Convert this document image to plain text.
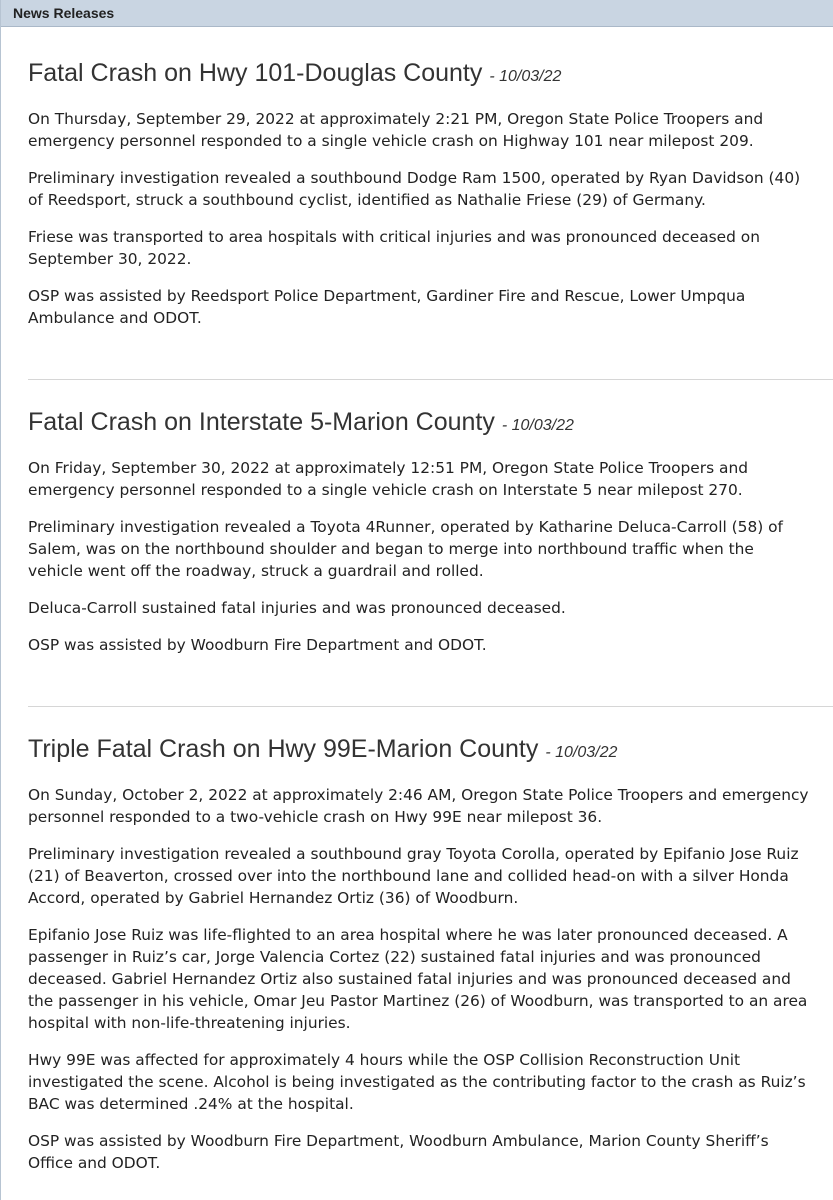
News Releases
Fatal Crash on Hwy 101-Douglas County - 10/03/22

On Thursday, September 29, 2022 at approximately 2:21 PM, Oregon State Police Troopers and emergency personnel responded to a single vehicle crash on Highway 101 near milepost 209.

Preliminary investigation revealed a southbound Dodge Ram 1500, operated by Ryan Davidson (40) of Reedsport, struck a southbound cyclist, identified as Nathalie Friese (29) of Germany.

Friese was transported to area hospitals with critical injuries and was pronounced deceased on September 30, 2022.

OSP was assisted by Reedsport Police Department, Gardiner Fire and Rescue, Lower Umpqua Ambulance and ODOT.

Fatal Crash on Interstate 5-Marion County - 10/03/22

On Friday, September 30, 2022 at approximately 12:51 PM, Oregon State Police Troopers and emergency personnel responded to a single vehicle crash on Interstate 5 near milepost 270.

Preliminary investigation revealed a Toyota 4Runner, operated by Katharine Deluca-Carroll (58) of Salem, was on the northbound shoulder and began to merge into northbound traffic when the vehicle went off the roadway, struck a guardrail and rolled.

Deluca-Carroll sustained fatal injuries and was pronounced deceased.

OSP was assisted by Woodburn Fire Department and ODOT.

Triple Fatal Crash on Hwy 99E-Marion County - 10/03/22

On Sunday, October 2, 2022 at approximately 2:46 AM, Oregon State Police Troopers and emergency personnel responded to a two-vehicle crash on Hwy 99E near milepost 36.

Preliminary investigation revealed a southbound gray Toyota Corolla, operated by Epifanio Jose Ruiz (21) of Beaverton, crossed over into the northbound lane and collided head-on with a silver Honda Accord, operated by Gabriel Hernandez Ortiz (36) of Woodburn.

Epifanio Jose Ruiz was life-flighted to an area hospital where he was later pronounced deceased. A passenger in Ruiz’s car, Jorge Valencia Cortez (22) sustained fatal injuries and was pronounced deceased. Gabriel Hernandez Ortiz also sustained fatal injuries and was pronounced deceased and the passenger in his vehicle, Omar Jeu Pastor Martinez (26) of Woodburn, was transported to an area hospital with non-life-threatening injuries.

Hwy 99E was affected for approximately 4 hours while the OSP Collision Reconstruction Unit investigated the scene. Alcohol is being investigated as the contributing factor to the crash as Ruiz’s BAC was determined .24% at the hospital.

OSP was assisted by Woodburn Fire Department, Woodburn Ambulance, Marion County Sheriff’s Office and ODOT.
